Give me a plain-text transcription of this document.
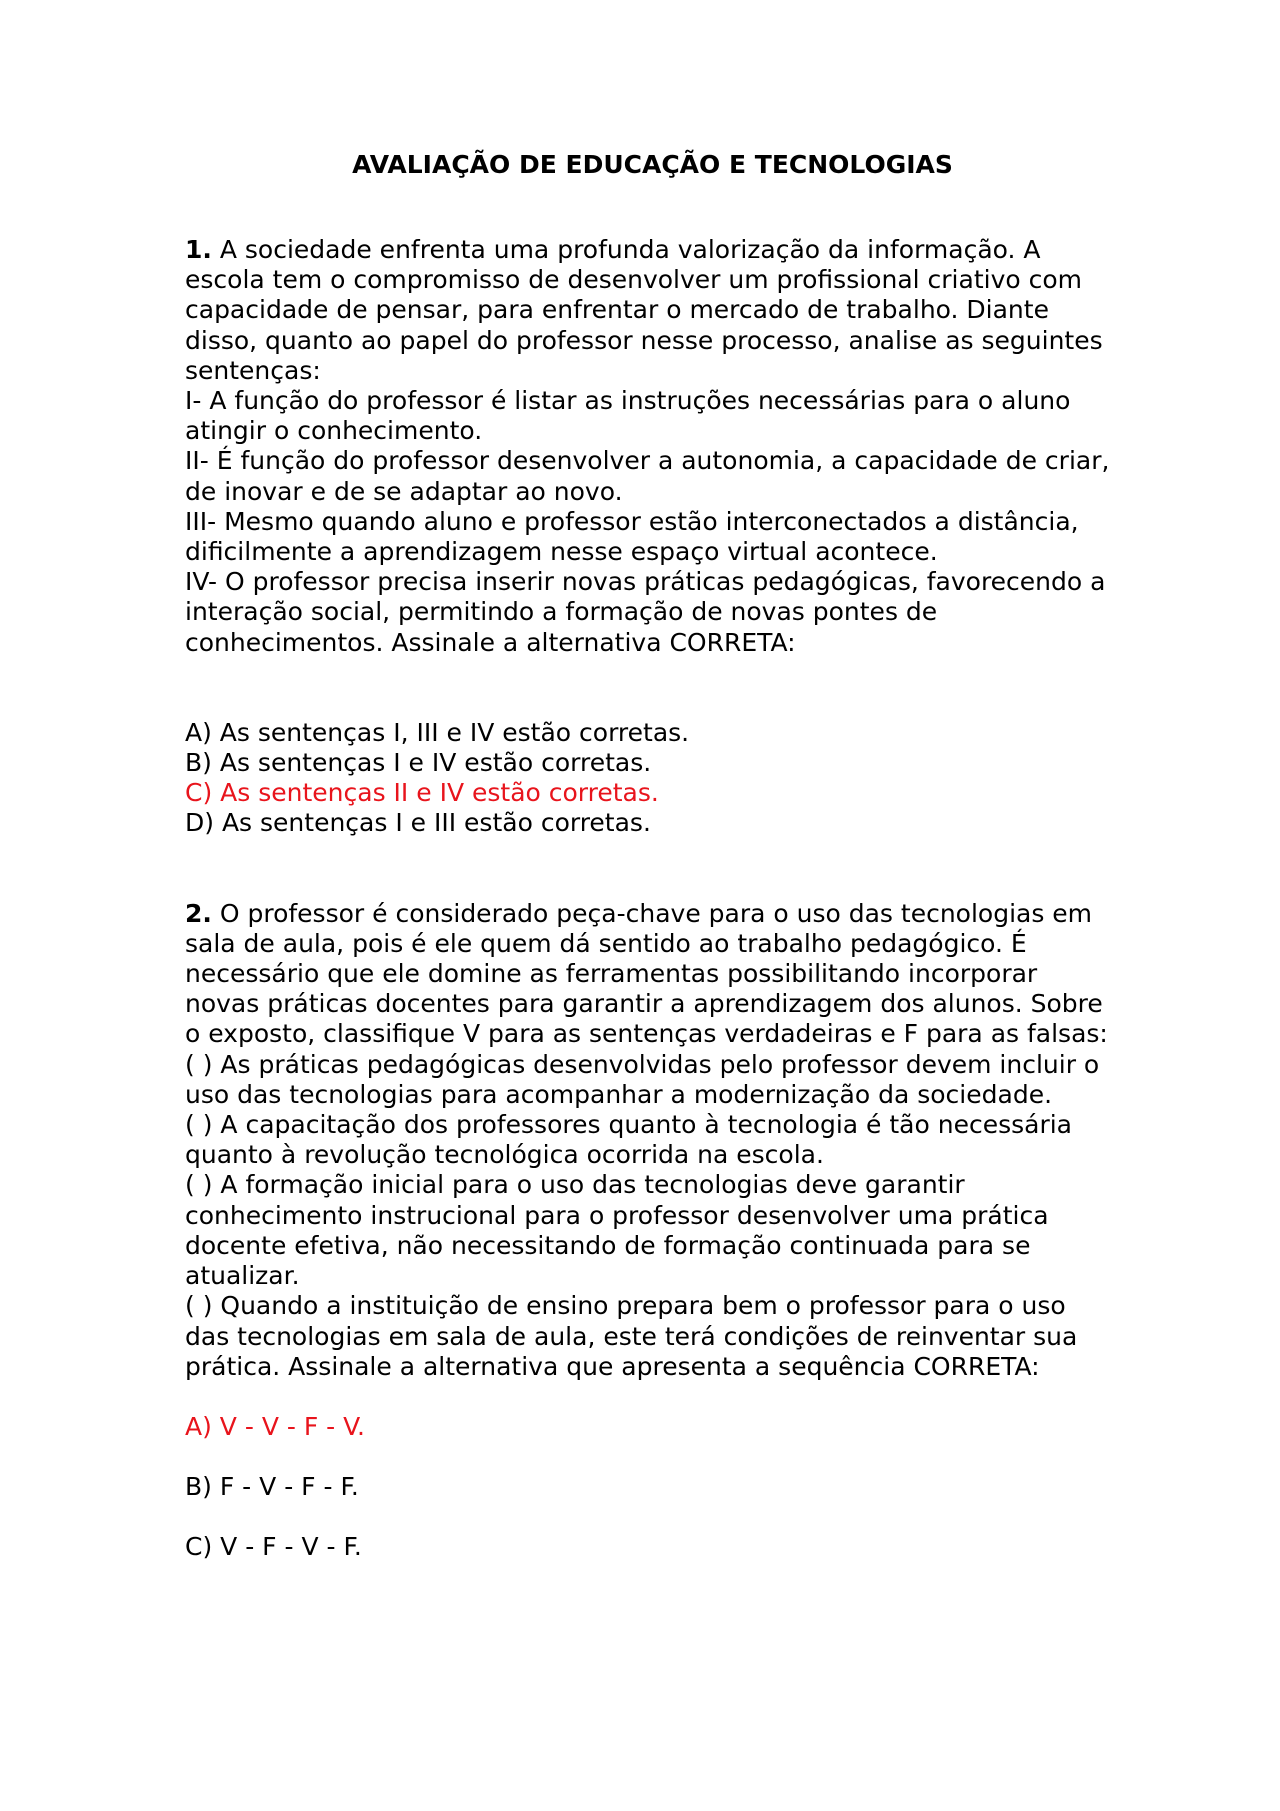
AVALIAÇÃO DE EDUCAÇÃO E TECNOLOGIAS

1. A sociedade enfrenta uma profunda valorização da informação. A escola tem o compromisso de desenvolver um profissional criativo com capacidade de pensar, para enfrentar o mercado de trabalho. Diante disso, quanto ao papel do professor nesse processo, analise as seguintes sentenças:

I- A função do professor é listar as instruções necessárias para o aluno atingir o conhecimento.

II- É função do professor desenvolver a autonomia, a capacidade de criar, de inovar e de se adaptar ao novo.

III- Mesmo quando aluno e professor estão interconectados a distância, dificilmente a aprendizagem nesse espaço virtual acontece.

IV- O professor precisa inserir novas práticas pedagógicas, favorecendo a interação social, permitindo a formação de novas pontes de conhecimentos. Assinale a alternativa CORRETA:

A) As sentenças I, III e IV estão corretas.

B) As sentenças I e IV estão corretas.

C) As sentenças II e IV estão corretas.

D) As sentenças I e III estão corretas.

2. O professor é considerado peça-chave para o uso das tecnologias em sala de aula, pois é ele quem dá sentido ao trabalho pedagógico. É necessário que ele domine as ferramentas possibilitando incorporar novas práticas docentes para garantir a aprendizagem dos alunos. Sobre o exposto, classifique V para as sentenças verdadeiras e F para as falsas:

( ) As práticas pedagógicas desenvolvidas pelo professor devem incluir o uso das tecnologias para acompanhar a modernização da sociedade.

( ) A capacitação dos professores quanto à tecnologia é tão necessária quanto à revolução tecnológica ocorrida na escola.

( ) A formação inicial para o uso das tecnologias deve garantir conhecimento instrucional para o professor desenvolver uma prática docente efetiva, não necessitando de formação continuada para se atualizar.

( ) Quando a instituição de ensino prepara bem o professor para o uso das tecnologias em sala de aula, este terá condições de reinventar sua prática. Assinale a alternativa que apresenta a sequência CORRETA:

A) V - V - F - V.

B) F - V - F - F.

C) V - F - V - F.
